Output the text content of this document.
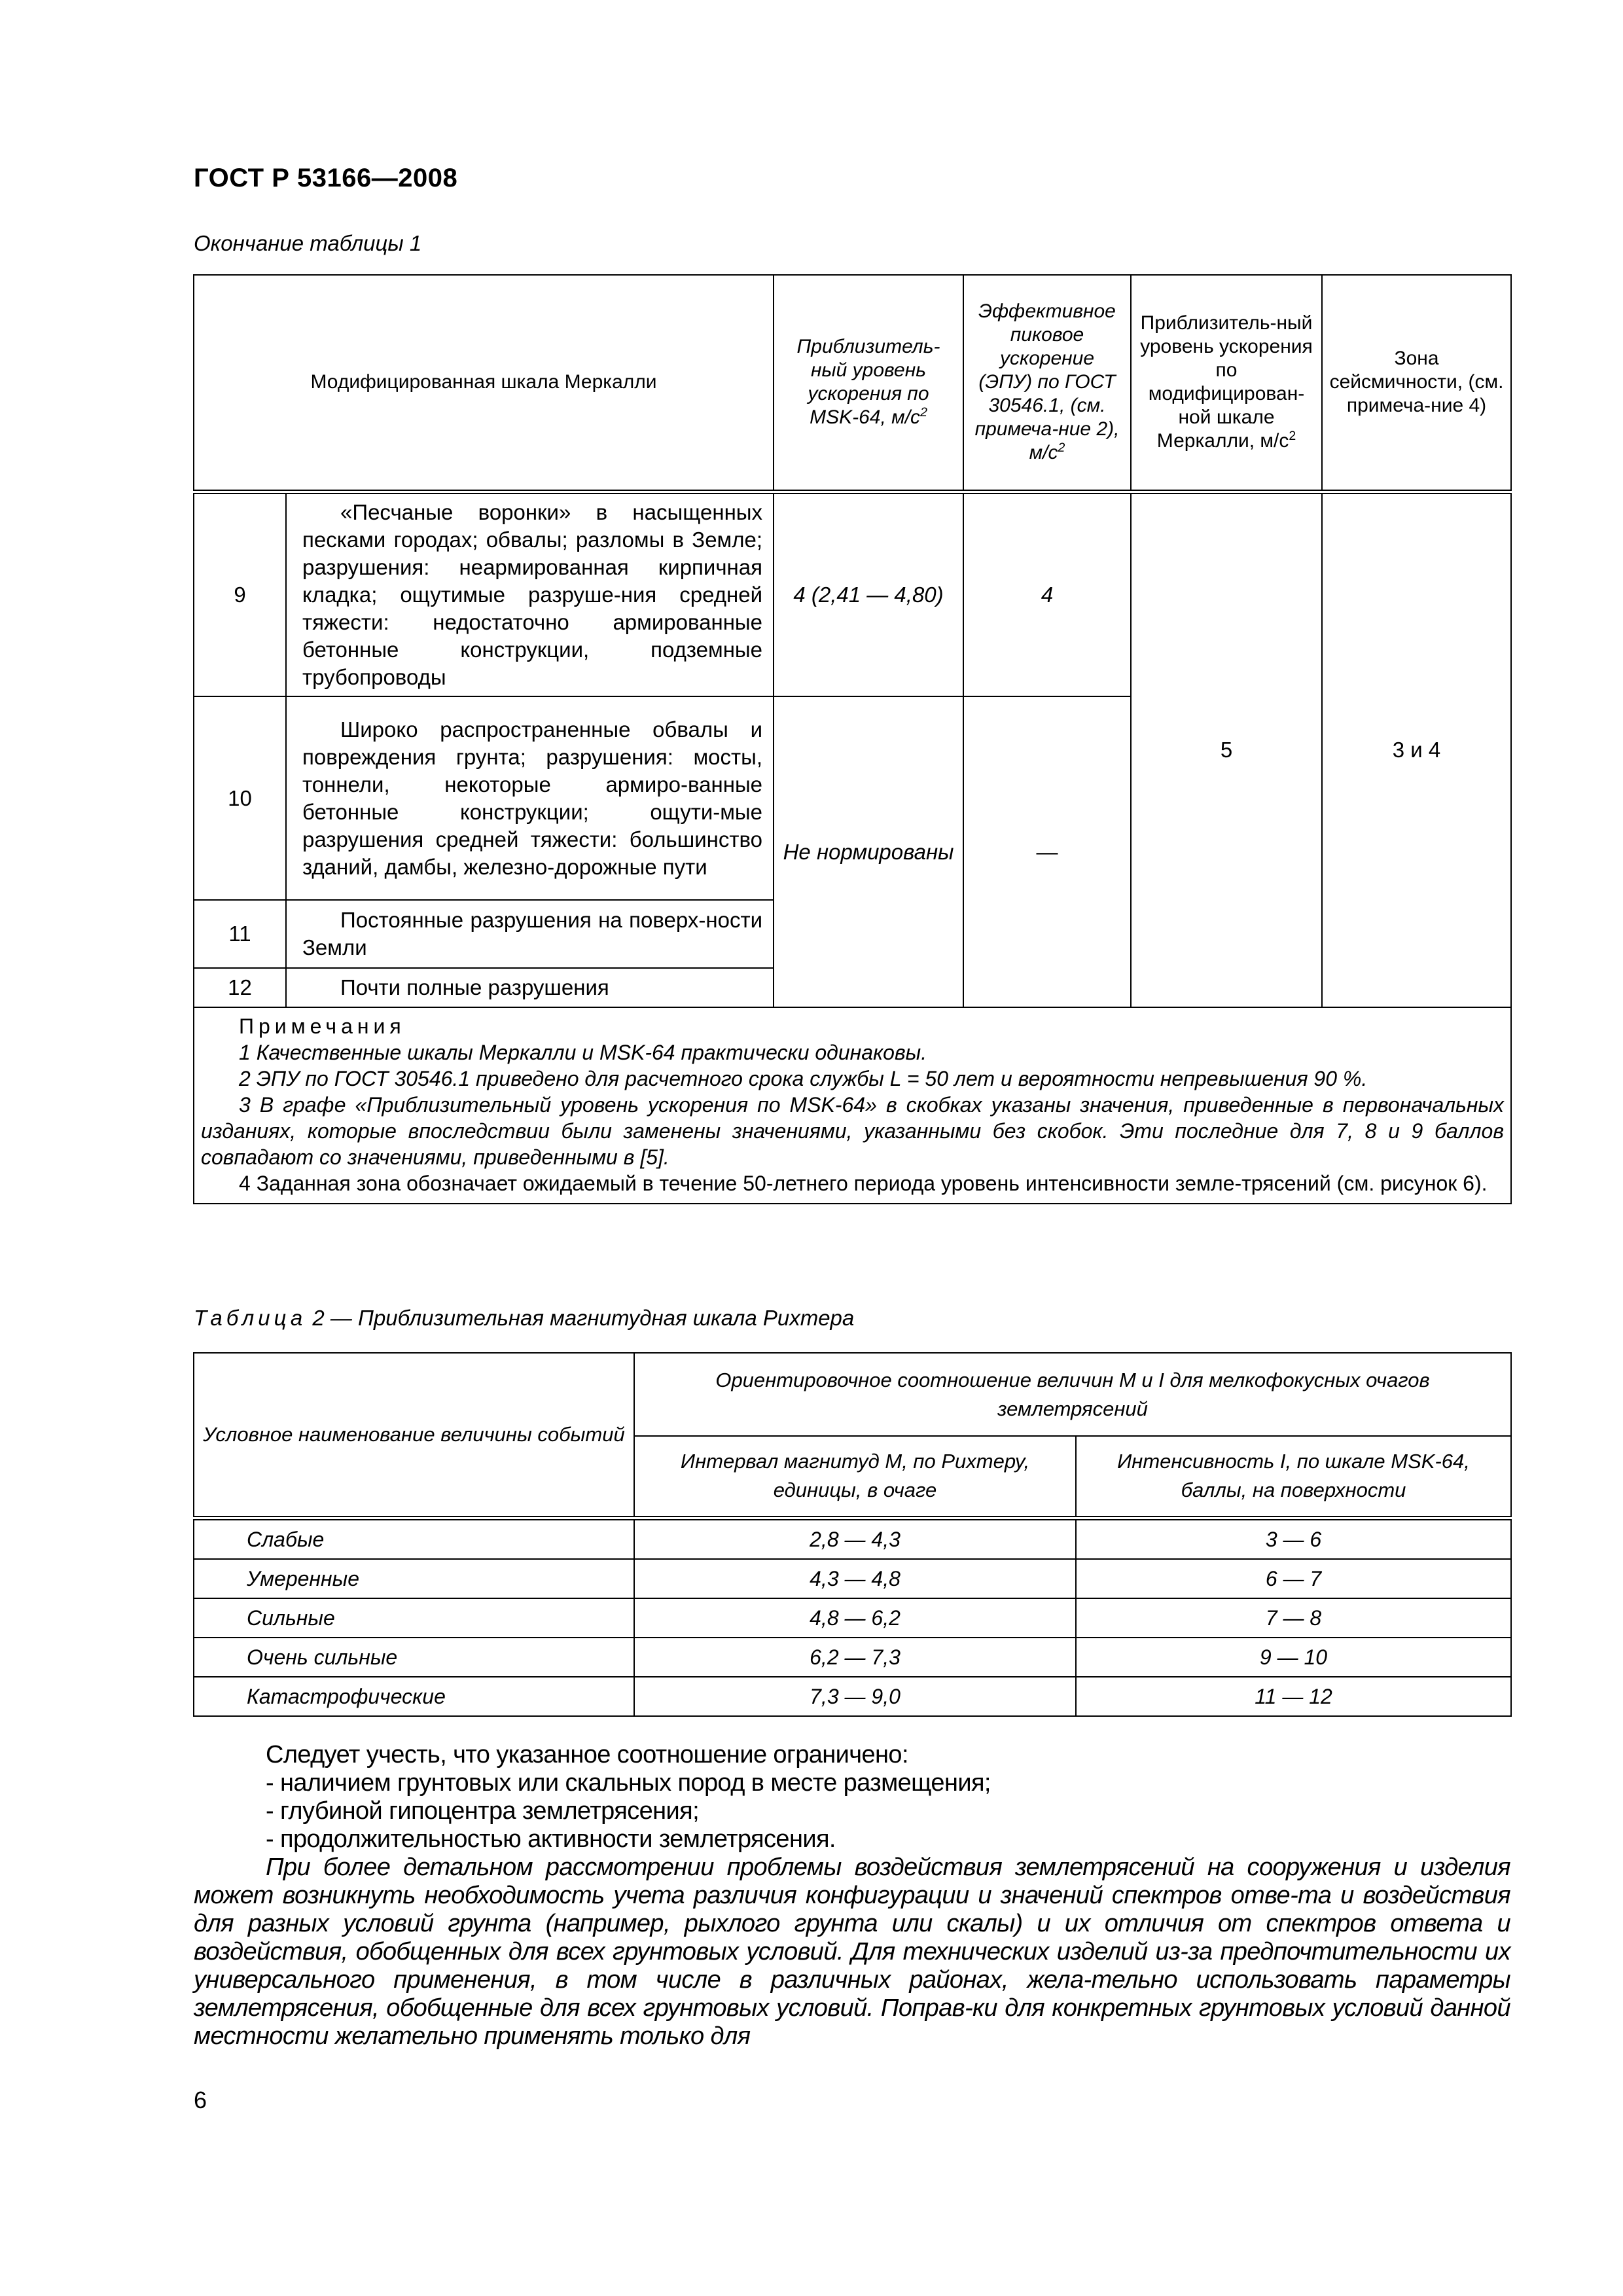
ГОСТ Р 53166—2008
Окончание таблицы 1
Модифицированная шкала Меркалли		Приблизитель-ный уровень ускорения по MSK-64, $м/с^2$	Эффективное пиковое ускорение (ЭПУ) по ГОСТ 30546.1, (см. примеча-ние 2), $м/с^2$	Приблизитель-ный уровень ускорения по модифицирован-ной шкале Меркалли, $м/с^2$	Зона сейсмичности, (см. примеча-ние 4)
9	«Песчаные воронки» в насыщенных песками городах; обвалы; разломы в Земле; разрушения: неармированная кирпичная кладка; ощутимые разруше-ния средней тяжести: недостаточно армированные бетонные конструкции, подземные трубопроводы	4 (2,41 — 4,80)	4	5	3 и 4
10	Широко распространенные обвалы и повреждения грунта; разрушения: мосты, тоннели, некоторые армиро-ванные бетонные конструкции; ощути-мые разрушения средней тяжести: большинство зданий, дамбы, железно-дорожные пути	Не нормированы	—		
11	Постоянные разрушения на поверх-ности Земли				
12	Почти полные разрушения				

Примечания

1 Качественные шкалы Меркалли и MSK-64 практически одинаковы.

2 ЭПУ по ГОСТ 30546.1 приведено для расчетного срока службы L = 50 лет и вероятности непревышения 90 %.

3 В графе «Приблизительный уровень ускорения по MSK-64» в скобках указаны значения, приведенные в первоначальных изданиях, которые впоследствии были заменены значениями, указанными без скобок. Эти последние для 7, 8 и 9 баллов совпадают со значениями, приведенными в [5].

4 Заданная зона обозначает ожидаемый в течение 50-летнего периода уровень интенсивности земле-трясений (см. рисунок 6).					

Таблица 2 — Приблизительная магнитудная шкала Рихтера
Условное наименование величины событий	Ориентировочное соотношение величин M и I для мелкофокусных очагов землетрясений	
	Интервал магнитуд M, по Рихтеру, единицы, в очаге	Интенсивность I, по шкале MSK-64, баллы, на поверхности
Слабые	2,8 — 4,3	3 — 6
Умеренные	4,3 — 4,8	6 — 7
Сильные	4,8 — 6,2	7 — 8
Очень сильные	6,2 — 7,3	9 — 10
Катастрофические	7,3 — 9,0	11 — 12

Следует учесть, что указанное соотношение ограничено:

- наличием грунтовых или скальных пород в месте размещения;

- глубиной гипоцентра землетрясения;

- продолжительностью активности землетрясения.

При более детальном рассмотрении проблемы воздействия землетрясений на сооружения и изделия может возникнуть необходимость учета различия конфигурации и значений спектров отве-та и воздействия для разных условий грунта (например, рыхлого грунта или скалы) и их отличия от спектров ответа и воздействия, обобщенных для всех грунтовых условий. Для технических изделий из-за предпочтительности их универсального применения, в том числе в различных районах, жела-тельно использовать параметры землетрясения, обобщенные для всех грунтовых условий. Поправ-ки для конкретных грунтовых условий данной местности желательно применять только для

6
